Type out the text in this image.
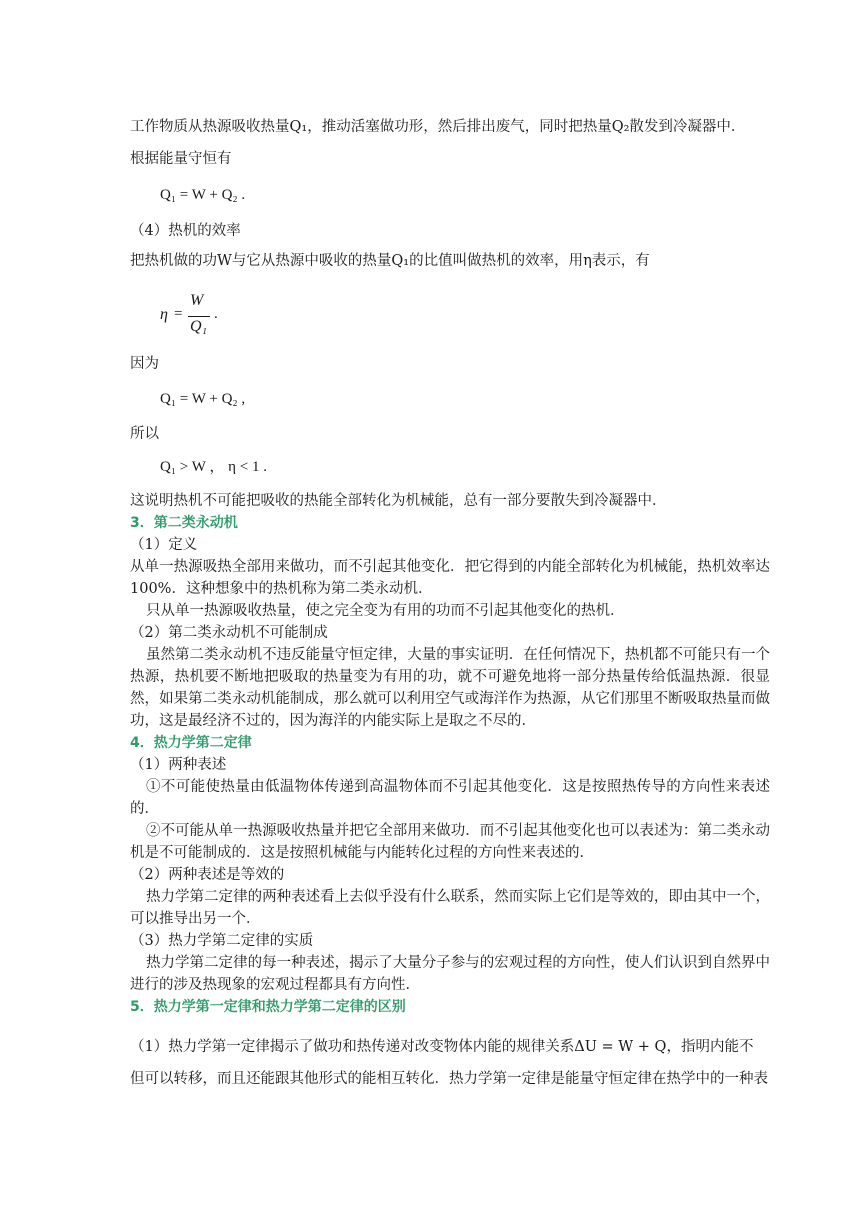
工作物质从热源吸收热量Q₁，推动活塞做功形，然后排出废气，同时把热量Q₂散发到冷凝器中．
根据能量守恒有
Q₁ = W + Q₂ .
（4）热机的效率
把热机做的功W与它从热源中吸收的热量Q₁的比值叫做热机的效率，用η表示，有
η =
W
Q₁
.
因为
Q₁ = W + Q₂ ,
所以
Q₁ > W ， η < 1 .
这说明热机不可能把吸收的热能全部转化为机械能，总有一部分要散失到冷凝器中．
3．第二类永动机
（1）定义
从单一热源吸热全部用来做功，而不引起其他变化．把它得到的内能全部转化为机械能，热机效率达100%．这种想象中的热机称为第二类永动机．
只从单一热源吸收热量，使之完全变为有用的功而不引起其他变化的热机．
（2）第二类永动机不可能制成
虽然第二类永动机不违反能量守恒定律，大量的事实证明．在任何情况下，热机都不可能只有一个热源，热机要不断地把吸取的热量变为有用的功，就不可避免地将一部分热量传给低温热源．很显然，如果第二类永动机能制成，那么就可以利用空气或海洋作为热源，从它们那里不断吸取热量而做功，这是最经济不过的，因为海洋的内能实际上是取之不尽的．
4．热力学第二定律
（1）两种表述
①不可能使热量由低温物体传递到高温物体而不引起其他变化．这是按照热传导的方向性来表述的．
②不可能从单一热源吸收热量并把它全部用来做功．而不引起其他变化也可以表述为：第二类永动机是不可能制成的．这是按照机械能与内能转化过程的方向性来表述的．
（2）两种表述是等效的
热力学第二定律的两种表述看上去似乎没有什么联系，然而实际上它们是等效的，即由其中一个，可以推导出另一个．
（3）热力学第二定律的实质
热力学第二定律的每一种表述，揭示了大量分子参与的宏观过程的方向性，使人们认识到自然界中进行的涉及热现象的宏观过程都具有方向性．
5．热力学第一定律和热力学第二定律的区别
（1）热力学第一定律揭示了做功和热传递对改变物体内能的规律关系ΔU = W + Q，指明内能不
但可以转移，而且还能跟其他形式的能相互转化．热力学第一定律是能量守恒定律在热学中的一种表
